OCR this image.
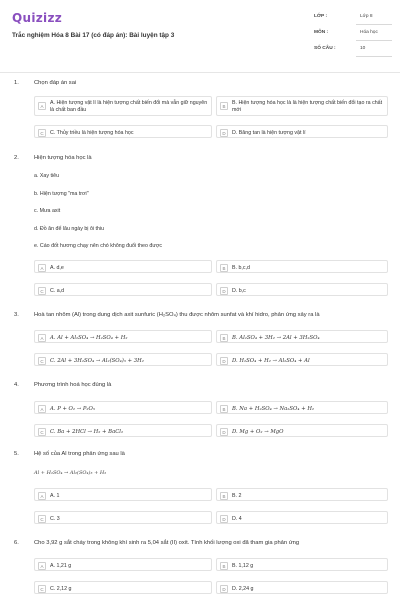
Quizizz
Trắc nghiệm Hóa 8 Bài 17 (có đáp án): Bài luyện tập 3
LỚP :	Lớp 8
MÔN :	Hóa học
SỐ CÂU :	10
1.	Chọn đáp án sai
A
A. Hiện tượng vật lí là hiện tượng chất biến đổi mà vẫn giữ nguyên là chất ban đầu	B
B. Hiện tượng hóa học là là hiện tượng chất biến đổi tạo ra chất mới
C	C. Thủy triều là hiện tượng hóa học	D	D. Băng tan là hiện tượng vật lí
2.	Hiện tượng hóa học là
a. Xay tiêu
b. Hiện tượng "ma trơi"
c. Mưa axit
d. Đồ ăn để lâu ngày bị ôi thiu
e. Cáo đốt hương chạy nên chó không đuổi theo được
A	A. d,e	B	B. b,c,d
C	C. a,d	D	D. b,c
3.	Hoà tan nhôm (Al) trong dung dịch axit sunfuric (H₂SO₄) thu được nhôm sunfat và khí hidro, phản ứng xảy ra là
A	A. Al + Al₂SO₄ → H₂SO₄ + H₂	B	B. Al₂SO₄ + 3H₂ → 2Al + 3H₂SO₄
C	C. 2Al + 3H₂SO₄ → Al₂(SO₄)₃ + 3H₂	D	D. H₂SO₄ + H₂ → Al₂SO₄ + Al
4.	Phương trình hoá học đúng là
A	A. P + O₂ → P₂O₅	B	B. Na + H₂SO₄ → Na₂SO₄ + H₂
C	C. Ba + 2HCl → H₂ + BaCl₂	D	D. Mg + O₂ → MgO
5.	Hệ số của Al trong phản ứng sau là
Al + H₂SO₄ → Al₂(SO₄)₃ + H₂
A	A. 1	B	B. 2
C	C. 3	D	D. 4
6.	Cho 3,92 g sắt cháy trong không khí sinh ra 5,04 sắt (II) oxit. Tính khối lượng oxi đã tham gia phản ứng
A	A. 1,21 g	B	B. 1,12 g
C	C. 2,12 g	D	D. 2,24 g
